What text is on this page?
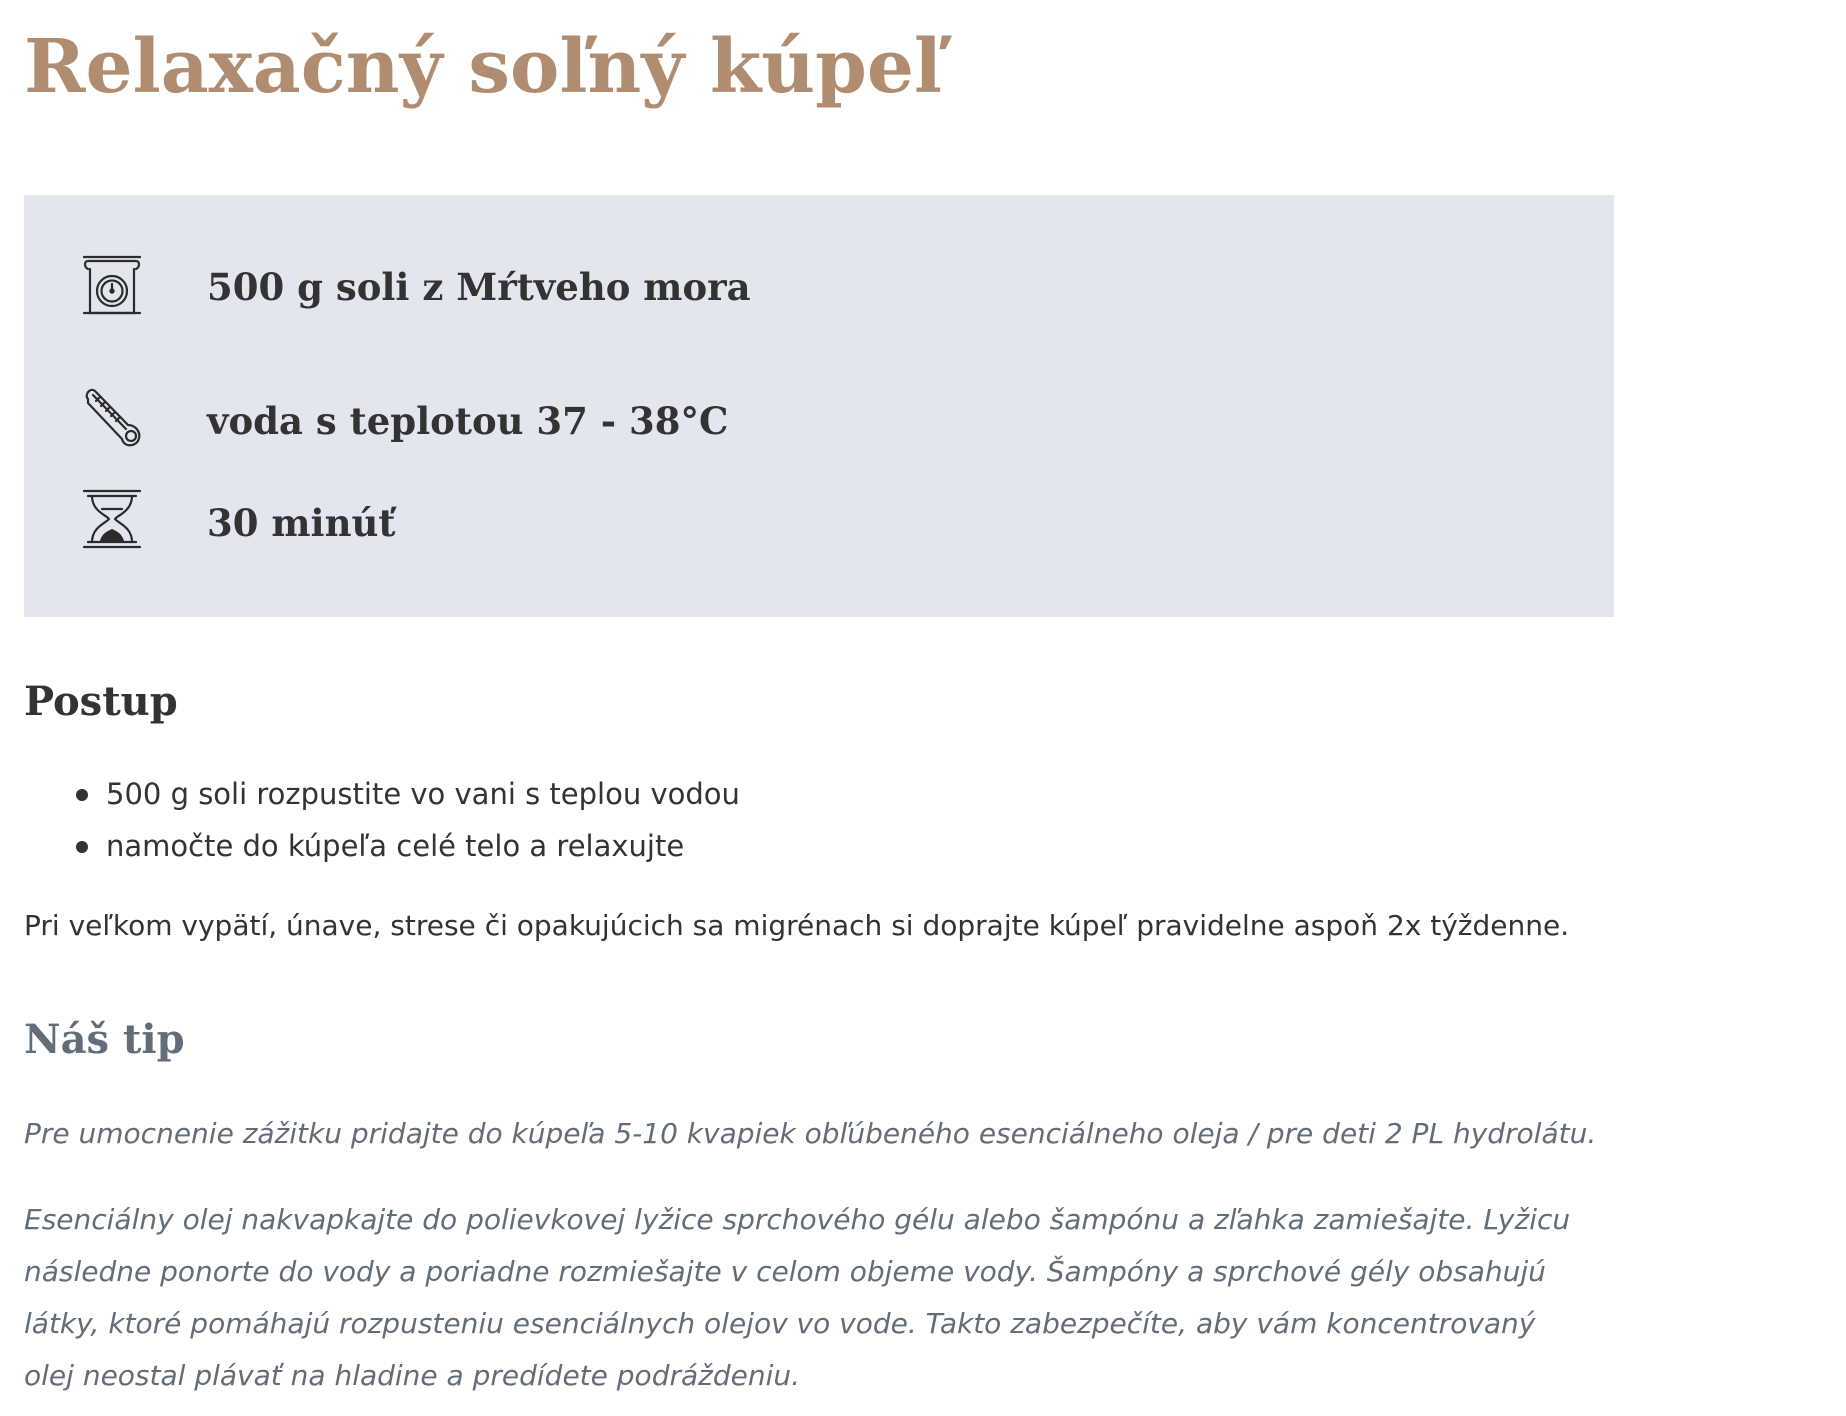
Relaxačný soľný kúpeľ
500 g soli z Mŕtveho mora
voda s teplotou 37 - 38°C
30 minúť
Postup
500 g soli rozpustite vo vani s teplou vodou
namočte do kúpeľa celé telo a relaxujte

Pri veľkom vypätí, únave, strese či opakujúcich sa migrénach si doprajte kúpeľ pravidelne aspoň 2x týždenne.

Náš tip

Pre umocnenie zážitku pridajte do kúpeľa 5-10 kvapiek obľúbeného esenciálneho oleja / pre deti 2 PL hydrolátu.

Esenciálny olej nakvapkajte do polievkovej lyžice sprchového gélu alebo šampónu a zľahka zamiešajte. Lyžicu následne ponorte do vody a poriadne rozmiešajte v celom objeme vody. Šampóny a sprchové gély obsahujú látky, ktoré pomáhajú rozpusteniu esenciálnych olejov vo vode. Takto zabezpečíte, aby vám koncentrovaný olej neostal plávať na hladine a predídete podráždeniu.
